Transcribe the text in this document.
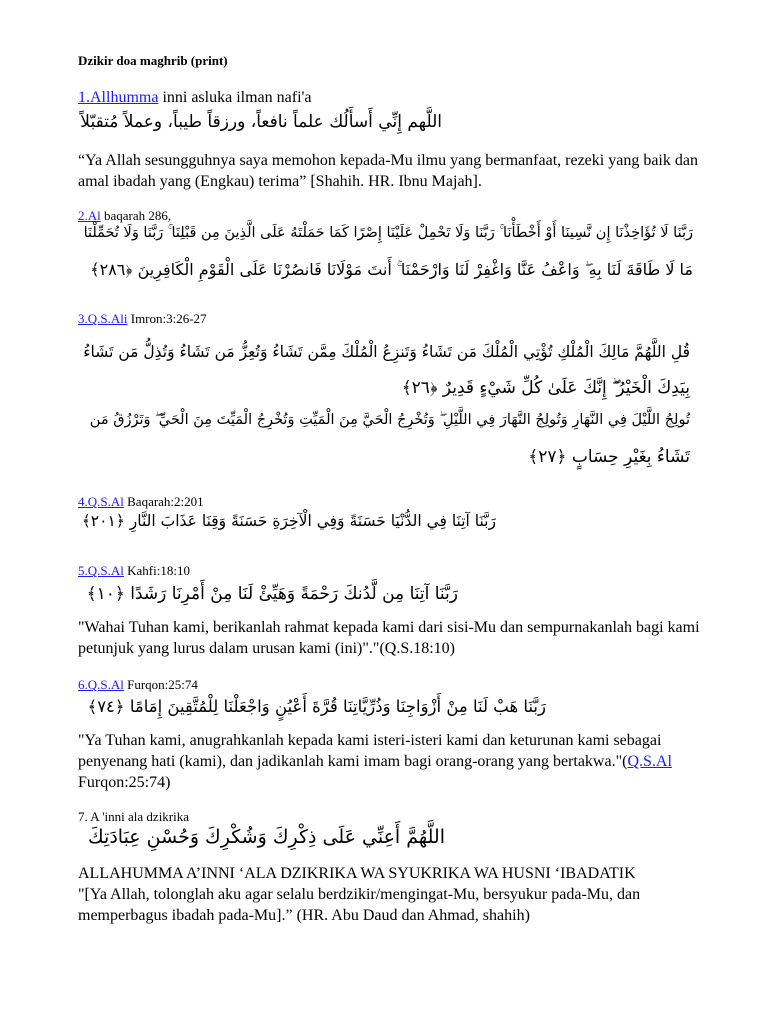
Dzikir doa maghrib (print)
1.Allhumma inni asluka ilman nafi'a
اللَّهم إِنِّي أَسأَلُك علماً نافعاً، ورزقاً طيباً، وعملاً مُتقبّلاً
“Ya Allah sesungguhnya saya memohon kepada-Mu ilmu yang bermanfaat, rezeki yang baik dan amal ibadah yang (Engkau) terima” [Shahih. HR. Ibnu Majah].
2.Al baqarah 286,
رَبَّنَا لَا تُؤَاخِذْنَا إِن نَّسِينَا أَوْ أَخْطَأْنَا ۚ رَبَّنَا وَلَا تَحْمِلْ عَلَيْنَا إِصْرًا كَمَا حَمَلْتَهُ عَلَى الَّذِينَ مِن قَبْلِنَا ۚ رَبَّنَا وَلَا تُحَمِّلْنَا
مَا لَا طَاقَةَ لَنَا بِهِ ۖ وَاعْفُ عَنَّا وَاغْفِرْ لَنَا وَارْحَمْنَا ۚ أَنتَ مَوْلَانَا فَانصُرْنَا عَلَى الْقَوْمِ الْكَافِرِينَ ﴿٢٨٦﴾
3.Q.S.Ali Imron:3:26-27
قُلِ اللَّهُمَّ مَالِكَ الْمُلْكِ تُؤْتِي الْمُلْكَ مَن تَشَاءُ وَتَنزِعُ الْمُلْكَ مِمَّن تَشَاءُ وَتُعِزُّ مَن تَشَاءُ وَتُذِلُّ مَن تَشَاءُ
بِيَدِكَ الْخَيْرُ ۖ إِنَّكَ عَلَىٰ كُلِّ شَيْءٍ قَدِيرٌ ﴿٢٦﴾
تُولِجُ اللَّيْلَ فِي النَّهَارِ وَتُولِجُ النَّهَارَ فِي اللَّيْلِ ۖ وَتُخْرِجُ الْحَيَّ مِنَ الْمَيِّتِ وَتُخْرِجُ الْمَيِّتَ مِنَ الْحَيِّ ۖ وَتَرْزُقُ مَن
تَشَاءُ بِغَيْرِ حِسَابٍ ﴿٢٧﴾
4.Q.S.Al Baqarah:2:201
رَبَّنَا آتِنَا فِي الدُّنْيَا حَسَنَةً وَفِي الْآخِرَةِ حَسَنَةً وَقِنَا عَذَابَ النَّارِ ﴿٢٠١﴾
5.Q.S.Al Kahfi:18:10
رَبَّنَا آتِنَا مِن لَّدُنكَ رَحْمَةً وَهَيِّئْ لَنَا مِنْ أَمْرِنَا رَشَدًا ﴿١٠﴾
"Wahai Tuhan kami, berikanlah rahmat kepada kami dari sisi-Mu dan sempurnakanlah bagi kami petunjuk yang lurus dalam urusan kami (ini)"."(Q.S.18:10)
6.Q.S.Al Furqon:25:74
رَبَّنَا هَبْ لَنَا مِنْ أَزْوَاجِنَا وَذُرِّيَّاتِنَا قُرَّةَ أَعْيُنٍ وَاجْعَلْنَا لِلْمُتَّقِينَ إِمَامًا ﴿٧٤﴾
"Ya Tuhan kami, anugrahkanlah kepada kami isteri-isteri kami dan keturunan kami sebagai penyenang hati (kami), dan jadikanlah kami imam bagi orang-orang yang bertakwa."(Q.S.Al Furqon:25:74)
7. A 'inni ala dzikrika
اللَّهُمَّ أَعِنِّي عَلَى ذِكْرِكَ وَشُكْرِكَ وَحُسْنِ عِبَادَتِكَ
ALLAHUMMA A’INNI ‘ALA DZIKRIKA WA SYUKRIKA WA HUSNI ‘IBADATIK
"[Ya Allah, tolonglah aku agar selalu berdzikir/mengingat-Mu, bersyukur pada-Mu, dan memperbagus ibadah pada-Mu].” (HR. Abu Daud dan Ahmad, shahih)
